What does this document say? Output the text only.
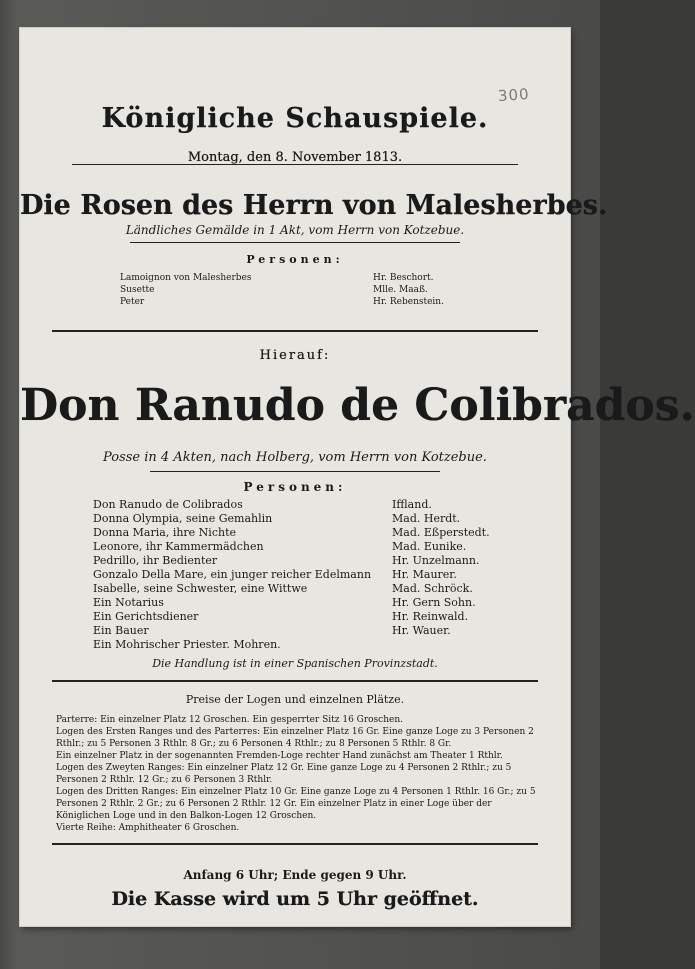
300
Königliche Schauspiele.
Montag, den 8. November 1813.
Die Rosen des Herrn von Malesherbes.
Ländliches Gemälde in 1 Akt, vom Herrn von Kotzebue.
Personen:
Lamoignon von Malesherbes	Hr. Beschort.
Susette	Mlle. Maaß.
Peter	Hr. Rebenstein.
Hierauf:
Don Ranudo de Colibrados.
Posse in 4 Akten, nach Holberg, vom Herrn von Kotzebue.
Personen:
Don Ranudo de Colibrados	Iffland.
Donna Olympia, seine Gemahlin	Mad. Herdt.
Donna Maria, ihre Nichte	Mad. Eßperstedt.
Leonore, ihr Kammermädchen	Mad. Eunike.
Pedrillo, ihr Bedienter	Hr. Unzelmann.
Gonzalo Della Mare, ein junger reicher Edelmann Hr. Maurer.
Isabelle, seine Schwester, eine Wittwe	Mad. Schröck.
Ein Notarius	Hr. Gern Sohn.
Ein Gerichtsdiener	Hr. Reinwald.
Ein Bauer	Hr. Wauer.
Ein Mohrischer Priester. Mohren.
Die Handlung ist in einer Spanischen Provinzstadt.
Preise der Logen und einzelnen Plätze.
Parterre: Ein einzelner Platz 12 Groschen. Ein gesperrter Sitz 16 Groschen.
Logen des Ersten Ranges und des Parterres: Ein einzelner Platz 16 Gr. Eine ganze Loge zu 3 Personen 2 Rthlr.; zu 5 Personen 3 Rthlr. 8 Gr.; zu 6 Personen 4 Rthlr.; zu 8 Personen 5 Rthlr. 8 Gr.
Ein einzelner Platz in der sogenannten Fremden-Loge rechter Hand zunächst am Theater 1 Rthlr.
Logen des Zweyten Ranges: Ein einzelner Platz 12 Gr. Eine ganze Loge zu 4 Personen 2 Rthlr.; zu 5 Personen 2 Rthlr. 12 Gr.; zu 6 Personen 3 Rthlr.
Logen des Dritten Ranges: Ein einzelner Platz 10 Gr. Eine ganze Loge zu 4 Personen 1 Rthlr. 16 Gr.; zu 5 Personen 2 Rthlr. 2 Gr.; zu 6 Personen 2 Rthlr. 12 Gr. Ein einzelner Platz in einer Loge über der Königlichen Loge und in den Balkon-Logen 12 Groschen.
Vierte Reihe: Amphitheater 6 Groschen.
Anfang 6 Uhr; Ende gegen 9 Uhr.
Die Kasse wird um 5 Uhr geöffnet.
